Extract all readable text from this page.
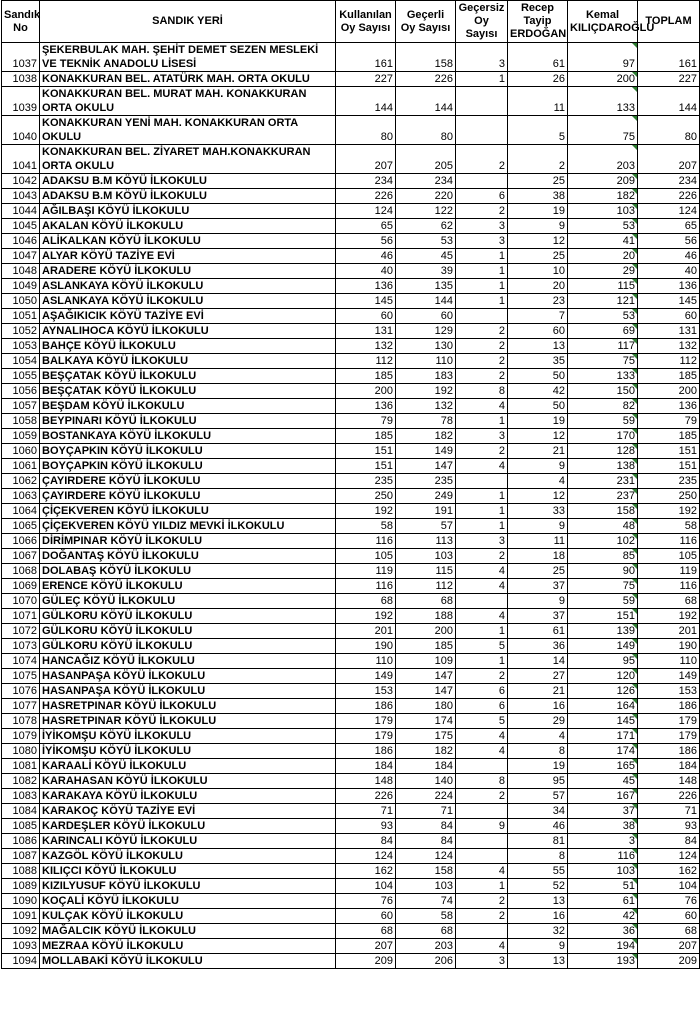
Sandık No	SANDIK YERİ	Kullanılan Oy Sayısı	Geçerli Oy Sayısı	Geçersiz Oy Sayısı	Recep Tayip ERDOĞAN	Kemal KILIÇDAROĞLU	TOPLAM
1037	ŞEKERBULAK MAH. ŞEHİT DEMET SEZEN MESLEKİ VE TEKNİK ANADOLU LİSESİ	161	158	3	61	97	161
1038	KONAKKURAN BEL. ATATÜRK MAH. ORTA OKULU	227	226	1	26	200	227
1039	KONAKKURAN BEL. MURAT MAH. KONAKKURAN ORTA OKULU	144	144		11	133	144
1040	KONAKKURAN YENİ MAH. KONAKKURAN ORTA OKULU	80	80		5	75	80
1041	KONAKKURAN BEL. ZİYARET MAH.KONAKKURAN ORTA OKULU	207	205	2	2	203	207
1042	ADAKSU B.M KÖYÜ İLKOKULU	234	234		25	209	234
1043	ADAKSU B.M KÖYÜ İLKOKULU	226	220	6	38	182	226
1044	AĞILBAŞI KÖYÜ İLKOKULU	124	122	2	19	103	124
1045	AKALAN KÖYÜ İLKOKULU	65	62	3	9	53	65
1046	ALİKALKAN KÖYÜ İLKOKULU	56	53	3	12	41	56
1047	ALYAR KÖYÜ TAZİYE EVİ	46	45	1	25	20	46
1048	ARADERE KÖYÜ İLKOKULU	40	39	1	10	29	40
1049	ASLANKAYA KÖYÜ İLKOKULU	136	135	1	20	115	136
1050	ASLANKAYA KÖYÜ İLKOKULU	145	144	1	23	121	145
1051	AŞAĞIKICIK KÖYÜ TAZİYE EVİ	60	60		7	53	60
1052	AYNALIHOCA KÖYÜ İLKOKULU	131	129	2	60	69	131
1053	BAHÇE KÖYÜ İLKOKULU	132	130	2	13	117	132
1054	BALKAYA KÖYÜ İLKOKULU	112	110	2	35	75	112
1055	BEŞÇATAK KÖYÜ İLKOKULU	185	183	2	50	133	185
1056	BEŞÇATAK KÖYÜ İLKOKULU	200	192	8	42	150	200
1057	BEŞDAM KÖYÜ İLKOKULU	136	132	4	50	82	136
1058	BEYPINARI KÖYÜ İLKOKULU	79	78	1	19	59	79
1059	BOSTANKAYA KÖYÜ İLKOKULU	185	182	3	12	170	185
1060	BOYÇAPKIN KÖYÜ İLKOKULU	151	149	2	21	128	151
1061	BOYÇAPKIN KÖYÜ İLKOKULU	151	147	4	9	138	151
1062	ÇAYIRDERE KÖYÜ İLKOKULU	235	235		4	231	235
1063	ÇAYIRDERE KÖYÜ İLKOKULU	250	249	1	12	237	250
1064	ÇİÇEKVEREN KÖYÜ İLKOKULU	192	191	1	33	158	192
1065	ÇİÇEKVEREN KÖYÜ YILDIZ MEVKİ İLKOKULU	58	57	1	9	48	58
1066	DİRİMPINAR KÖYÜ İLKOKULU	116	113	3	11	102	116
1067	DOĞANTAŞ KÖYÜ İLKOKULU	105	103	2	18	85	105
1068	DOLABAŞ KÖYÜ İLKOKULU	119	115	4	25	90	119
1069	ERENCE KÖYÜ İLKOKULU	116	112	4	37	75	116
1070	GÜLEÇ KÖYÜ İLKOKULU	68	68		9	59	68
1071	GÜLKORU KÖYÜ İLKOKULU	192	188	4	37	151	192
1072	GÜLKORU KÖYÜ İLKOKULU	201	200	1	61	139	201
1073	GÜLKORU KÖYÜ İLKOKULU	190	185	5	36	149	190
1074	HANCAĞIZ KÖYÜ İLKOKULU	110	109	1	14	95	110
1075	HASANPAŞA KÖYÜ İLKOKULU	149	147	2	27	120	149
1076	HASANPAŞA KÖYÜ İLKOKULU	153	147	6	21	126	153
1077	HASRETPINAR KÖYÜ İLKOKULU	186	180	6	16	164	186
1078	HASRETPINAR KÖYÜ İLKOKULU	179	174	5	29	145	179
1079	İYİKOMŞU KÖYÜ İLKOKULU	179	175	4	4	171	179
1080	İYİKOMŞU KÖYÜ İLKOKULU	186	182	4	8	174	186
1081	KARAALİ KÖYÜ İLKOKULU	184	184		19	165	184
1082	KARAHASAN KÖYÜ İLKOKULU	148	140	8	95	45	148
1083	KARAKAYA KÖYÜ İLKOKULU	226	224	2	57	167	226
1084	KARAKOÇ KÖYÜ TAZİYE EVİ	71	71		34	37	71
1085	KARDEŞLER KÖYÜ İLKOKULU	93	84	9	46	38	93
1086	KARINCALI KÖYÜ İLKOKULU	84	84		81	3	84
1087	KAZGÖL KÖYÜ İLKOKULU	124	124		8	116	124
1088	KILIÇCI KÖYÜ İLKOKULU	162	158	4	55	103	162
1089	KIZILYUSUF KÖYÜ İLKOKULU	104	103	1	52	51	104
1090	KOÇALİ KÖYÜ İLKOKULU	76	74	2	13	61	76
1091	KULÇAK KÖYÜ İLKOKULU	60	58	2	16	42	60
1092	MAĞALCIK KÖYÜ İLKOKULU	68	68		32	36	68
1093	MEZRAA KÖYÜ İLKOKULU	207	203	4	9	194	207
1094	MOLLABAKİ KÖYÜ İLKOKULU	209	206	3	13	193	209
